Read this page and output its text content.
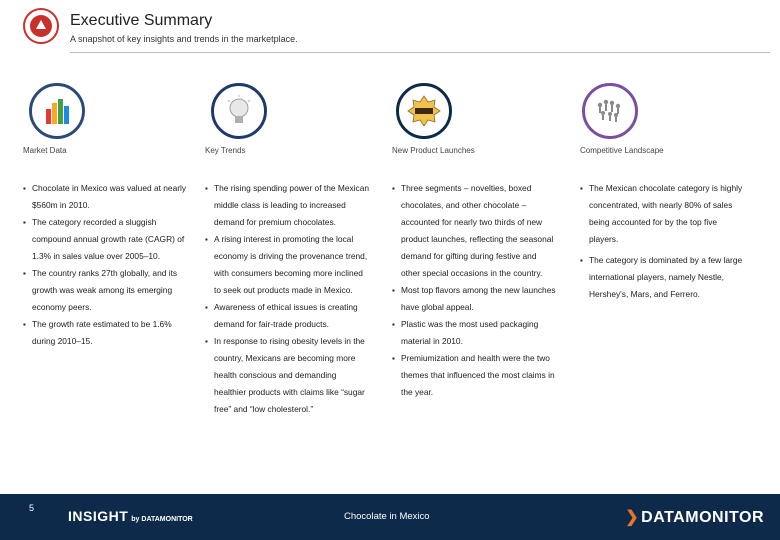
Executive Summary
A snapshot of key insights and trends in the marketplace.
Market Data
▪ Chocolate in Mexico was valued at nearly $560m in 2010.
▪ The category recorded a sluggish compound annual growth rate (CAGR) of 1.3% in sales value over 2005–10.
▪ The country ranks 27th globally, and its growth was weak among its emerging economy peers.
▪ The growth rate estimated to be 1.6% during 2010–15.
Key Trends
▪ The rising spending power of the Mexican middle class is leading to increased demand for premium chocolates.
▪ A rising interest in promoting the local economy is driving the provenance trend, with consumers becoming more inclined to seek out products made in Mexico.
▪ Awareness of ethical issues is creating demand for fair-trade products.
▪ In response to rising obesity levels in the country, Mexicans are becoming more health conscious and demanding healthier products with claims like “sugar free” and “low cholesterol.”
New Product Launches
▪ Three segments – novelties, boxed chocolates, and other chocolate – accounted for nearly two thirds of new product launches, reflecting the seasonal demand for gifting during festive and other special occasions in the country.
▪ Most top flavors among the new launches have global appeal.
▪ Plastic was the most used packaging material in 2010.
▪ Premiumization and health were the two themes that influenced the most claims in the year.
Competitive Landscape
▪ The Mexican chocolate category is highly concentrated, with nearly 80% of sales being accounted for by the top five players.
▪ The category is dominated by a few large international players, namely Nestle, Hershey's, Mars, and Ferrero.
5 INSIGHT by DATAMONITOR	Chocolate in Mexico	❯ DATAMONITOR
